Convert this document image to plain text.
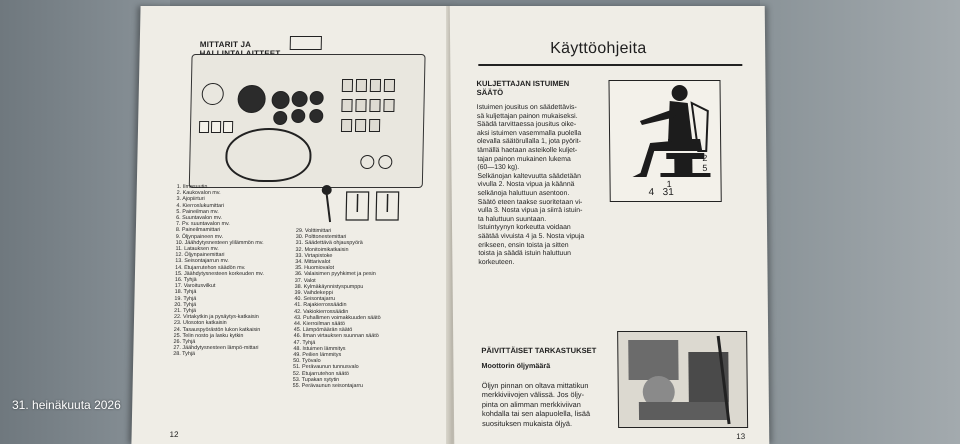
MITTARIT JA
1. Ilmasuutin
2. Kaukovalon mv.
3. Ajopiirturi
4. Kierroslukumittari
5. Paineilman mv.
6. Suuntavalon mv.
7. Pv. suuntavalon mv.
8. Paineilmamittari
9. Öljynpaineen mv.
10. Jäähdytysnesteen ylilämmön mv.
11. Latauksen mv.
12. Öljynpainemittari
13. Seisontajarrun mv.
14. Etujarrutehon säädön mv.
15. Jäähdytysnesteen korkeuden mv.
16. Tyhjä
17. Varoitusvilkut
18. Tyhjä
19. Tyhjä
20. Tyhjä
21. Tyhjä
22. Virtakytkin ja pysäytys-katkaisin
23. Ulosoton katkaisin
24. Tasauspyörästön lukon katkaisin
25. Telin nosto ja lasku kytkin
26. Tyhjä
27. Jäähdytysnesteen lämpö-mittari
28. Tyhjä
29. Volttimittari
30. Polttonestemittari
31. Säädettävä ohjauspyörä
32. Monitoimikatkaisin
33. Virtapistoke
34. Mittarivalot
35. Huomiovalot
36. Valaisimen pyyhkimet ja pesin
37. Valot
38. Kylmäkäynnistyspumppu
39. Vaihdekeppi
40. Seisontajarru
41. Rajakierrossäädin
42. Vakiokierrossäädin
43. Puhallimen voimakkuuden säätö
44. Kierroilman säätö
45. Lämpömäärän säätö
46. Ilman virtauksen suunnan säätö
47. Tyhjä
48. Istuimen lämmitys
49. Peilien lämmitys
50. Työvalo
51. Perävaunun tunnusvalo
52. Etujarrutehon säätö
53. Tupakan sytytin
55. Perävaunun seisontajarru
12
Käyttöohjeita
KULJETTAJAN ISTUIMEN
SÄÄTÖ
Istuimen jousitus on säädettävis-
sä kuljettajan painon mukaiseksi.
Säädä tarvittaessa jousitus oike-
aksi istuimen vasemmalla puolella
olevalla säätörullalla 1, jota pyörit-
tämällä haetaan asteikolle kuljet-
tajan painon mukainen lukema
(60—130 kg).
Selkänojan kaltevuutta säädetään
vivulla 2. Nosta vipua ja käännä
selkänoja haluttuun asentoon.
Säätö eteen taakse suoritetaan vi-
vulla 3. Nosta vipua ja siirrä istuin-
ta haluttuun suuntaan.
Istuintyynyn korkeutta voidaan
säätää vivuista 4 ja 5. Nosta vipuja
erikseen, ensin toista ja sitten
toista ja säädä istuin haluttuun
korkeuteen.
2
5
1
4 31
PÄIVITTÄISET TARKASTUKSET
Moottorin öljymäärä
Öljyn pinnan on oltava mittatikun
merkkiviivojen välissä. Jos öljy-
pinta on alimman merkkiviivan
kohdalla tai sen alapuolella, lisää
suosituksen mukaista öljyä.
13
31. heinäkuuta 2026
